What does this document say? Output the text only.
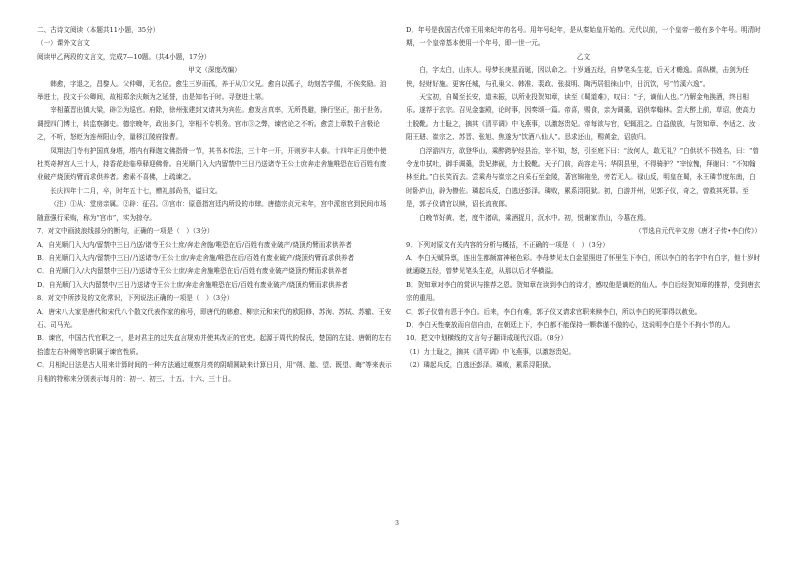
二、古诗文阅读（本题共11小题，35分）

（一）课外文言文

阅读甲乙两段的文言文，完成7—10题。（共4小题，17分）

甲文（深度改编）

韩愈，字退之，昌黎人。父仲卿，无名位。愈生三岁而孤，养于从①父兄。愈自以孤子，幼刻苦学儒，不俟奖励。洎举进士，投文于公卿间，故相郑余庆颇为之延誉，由是知名于时。寻登进士第。

宰相董晋出镇大梁，辟②为巡官。府除，徐州张建封又请其为宾佐。愈发言真率，无所畏避，操行坚正，拙于世务。调授四门博士，转监察御史。德宗晚年，政出多门，宰相不专机务。宫市③之弊，谏官论之不听。愈尝上章数千言极论之，不听，怒贬为连州阳山令，量移江陵府掾曹。

凤翔法门寺有护国真身塔，塔内有释迦文佛指骨一节，其书本传法，三十年一开，开则岁丰人泰。十四年正月使中使杜英奇押宫人三十人，持香花赴临皋驿迎佛骨。自光顺门入大内留禁中三日乃送诸寺王公士庶奔走舍施唯恐在后百姓有废业破产烧顶灼臂而求供养者。愈素不喜佛，上疏谏之。

长庆四年十二月，卒，时年五十七，赠礼部尚书，谥曰文。

（注）①从：堂房亲属。②辟：征召。③宫市：原意指宫廷内所设的市肆。唐德宗贞元末年，宫中派宦官到民间市场随意强行采购，称为“宫市”，实为掠夺。

7．对文中画波浪线部分的断句，正确的一项是（　）（3分）

A．自光顺门入大内/留禁中三日乃送/诸寺王公士庶/奔走舍施/唯恐在后/百姓有废业破产/烧顶灼臂而求供养者

B．自光顺门入大内/留禁中三日/乃送诸寺/王公士庶/奔走舍施/唯恐在后/百姓有废业破产/烧顶灼臂而求供养者

C．自光顺门入/大内留禁中三日/乃送诸寺王公士庶/奔走舍施唯恐在后/百姓有废业破产烧顶灼臂而求供养者

D．自光顺门入大内留禁中/三日乃送诸寺王公士庶/奔走舍施唯恐在后/百姓有废业破产/烧顶灼臂而求供养者

8．对文中所涉及的文化常识，下列说法正确的一项是（　）（3分）

A．唐宋八大家是唐代和宋代八个散文代表作家的称号，即唐代的韩愈、柳宗元和宋代的欧阳修、苏洵、苏轼、苏辙、王安石、司马光。

B．谏官，中国古代官职之一，是对君主的过失直言规劝并使其改正的官吏。起源于周代的保氏，楚国的左徒、唐朝的左右拾遗左右补阙等官职属于谏官性质。

C．月相纪日法是古人用来计算时间的一种方法通过观察月亮的阴晴圆缺来计算日月，用“朔、朏、望、既望、晦”等来表示月相的特称来分别表示每月的：初一、初三、十五、十六、三十日。

D．年号是我国古代帝王用来纪年的名号。用年号纪年，是从秦始皇开始的。元代以前，一个皇帝一般有多个年号。明清时期，一个皇帝基本使用一个年号，即一世一元。

乙文

白，字太白，山东人。母梦长庚星而诞，因以命之。十岁通五经，自梦笔头生花，后天才赡逸。喜纵横，击剑为任侠，轻财好施。更客任城，与孔巢父、韩准、裴政、张叔明、陶沔居徂徕山中，日沉饮，号“竹溪六逸”。

天宝初，自蜀至长安，道未振，以所业投贺知章，读至《蜀道难》，叹曰：“子，谪仙人也。”乃解金龟换酒，终日相乐。遂荐于玄宗。召见金銮殿，论时事，因奏颂一篇。帝喜，赐食，亲为调羹，诏供奉翰林。尝大醉上前，草诏，使高力士脱靴。力士耻之，摘其《清平调》中飞燕事，以激怒贵妃。帝每欲与官，妃辄沮之。白益傲放，与贺知章、李适之、汝阳王琎、崔宗之、苏晋、张旭、焦遂为“饮酒八仙人”。恳求还山，赐黄金，诏放归。

白浮游四方，欲登华山，乘醉跨驴经县治，宰不知，怒，引至庭下曰：“汝何人，敢无礼？”白供状不书姓名，曰：“曾令龙巾拭吐，御手调羹，贵妃捧砚，力士脱靴。天子门前，尚容走马；华阴县里，不得骑驴？”宰惊愧，拜谢曰：“不知翰林至此。”白长笑而去。尝乘舟与崔宗之自采石至金陵，著宫锦袍坐，旁若无人。禄山反，明皇在蜀，永王璘节度东南，白时卧庐山，辟为僚佐。璘起兵反，白逃还彭泽。璘败，累系浔阳狱。初，白游并州，见郭子仪，奇之，曾救其死罪。至是，郭子仪请官以赎，诏长流夜郎。

白晚节好黄、老，度牛渚矶，乘酒捉月，沉水中。初，悦谢家青山，今墓在焉。

（节选自元代辛文房《唐才子传•李白传》）

9．下列对原文有关内容的分析与概括，不正确的一项是（　）（3分）

A．李白天赋异禀，连出生都颇富神秘色彩。李母梦见太白金星照进了怀里生下李白，所以李白的名字中有白字，他十岁时就通晓五经，曾梦见笔头生花，从那以后才华横溢。

B．贺知章对李白的赏识与推荐之恩。贺知章在读到李白的诗才，感叹他是谪贬的仙人。李白后经贺知章的推荐，受到唐玄宗的重用。

C．郭子仪曾有恩于李白。后来，李白有难，郭子仪又请求官职来赎李白，所以李白的死罪得以赦免。

D．李白天性豪放而自信自由，在朝廷上下，李白都不能保持一颗恭谨不傲的心，这说明李白是个不拘小节的人。

10．把文中划横线的文言句子翻译成现代汉语。（8分）

（1）力士耻之，摘其《清平调》中飞燕事，以激怒贵妃。

（2）璘起兵反，白逃还彭泽。璘败，累系浔阳狱。

3
